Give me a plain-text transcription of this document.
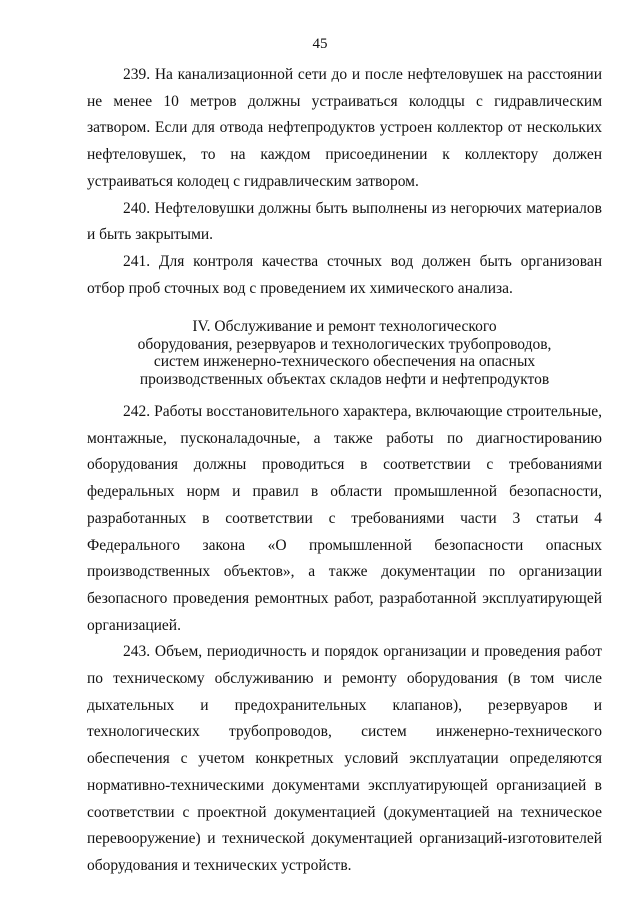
45

239. На канализационной сети до и после нефтеловушек на расстоянии не менее 10 метров должны устраиваться колодцы с гидравлическим затвором. Если для отвода нефтепродуктов устроен коллектор от нескольких нефтеловушек, то на каждом присоединении к коллектору должен устраиваться колодец с гидравлическим затвором.

240. Нефтеловушки должны быть выполнены из негорючих материалов и быть закрытыми.

241. Для контроля качества сточных вод должен быть организован отбор проб сточных вод с проведением их химического анализа.

IV. Обслуживание и ремонт технологического
оборудования, резервуаров и технологических трубопроводов,
систем инженерно-технического обеспечения на опасных
производственных объектах складов нефти и нефтепродуктов

242. Работы восстановительного характера, включающие строительные, монтажные, пусконаладочные, а также работы по диагностированию оборудования должны проводиться в соответствии с требованиями федеральных норм и правил в области промышленной безопасности, разработанных в соответствии с требованиями части 3 статьи 4 Федерального закона «О промышленной безопасности опасных производственных объектов», а также документации по организации безопасного проведения ремонтных работ, разработанной эксплуатирующей организацией.

243. Объем, периодичность и порядок организации и проведения работ по техническому обслуживанию и ремонту оборудования (в том числе дыхательных и предохранительных клапанов), резервуаров и технологических трубопроводов, систем инженерно-технического обеспечения с учетом конкретных условий эксплуатации определяются нормативно-техническими документами эксплуатирующей организацией в соответствии с проектной документацией (документацией на техническое перевооружение) и технической документацией организаций-изготовителей оборудования и технических устройств.
